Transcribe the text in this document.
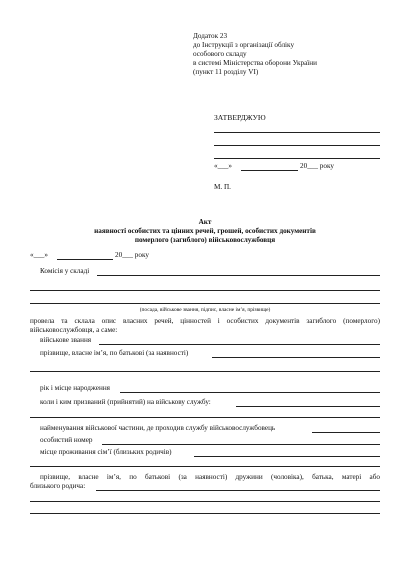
Додаток 23
до Інструкції з організації обліку
особового складу
в системі Міністерства оборони України
(пункт 11 розділу VI)
ЗАТВЕРДЖУЮ
«___»	20___ року
М. П.
Акт
наявності особистих та цінних речей, грошей, особистих документів
померлого (загиблого) військовослужбовця
«___»	20___ року
Комісія у складі
(посада, військове звання, підпис, власне ім’я, прізвище)
провела та склала опис власних речей, цінностей і особистих документів загиблого (померлого)
військовослужбовця, а саме:
військове звання
прізвище, власне ім’я, по батькові (за наявності)
рік і місце народження
коли і ким призваний (прийнятий) на військову службу:
найменування військової частини, де проходив службу військовослужбовець
особистий номер
місце проживання сім’ї (близьких родичів)
прізвище, власне ім’я, по батькові (за наявності) дружини (чоловіка), батька, матері або
близького родича:
